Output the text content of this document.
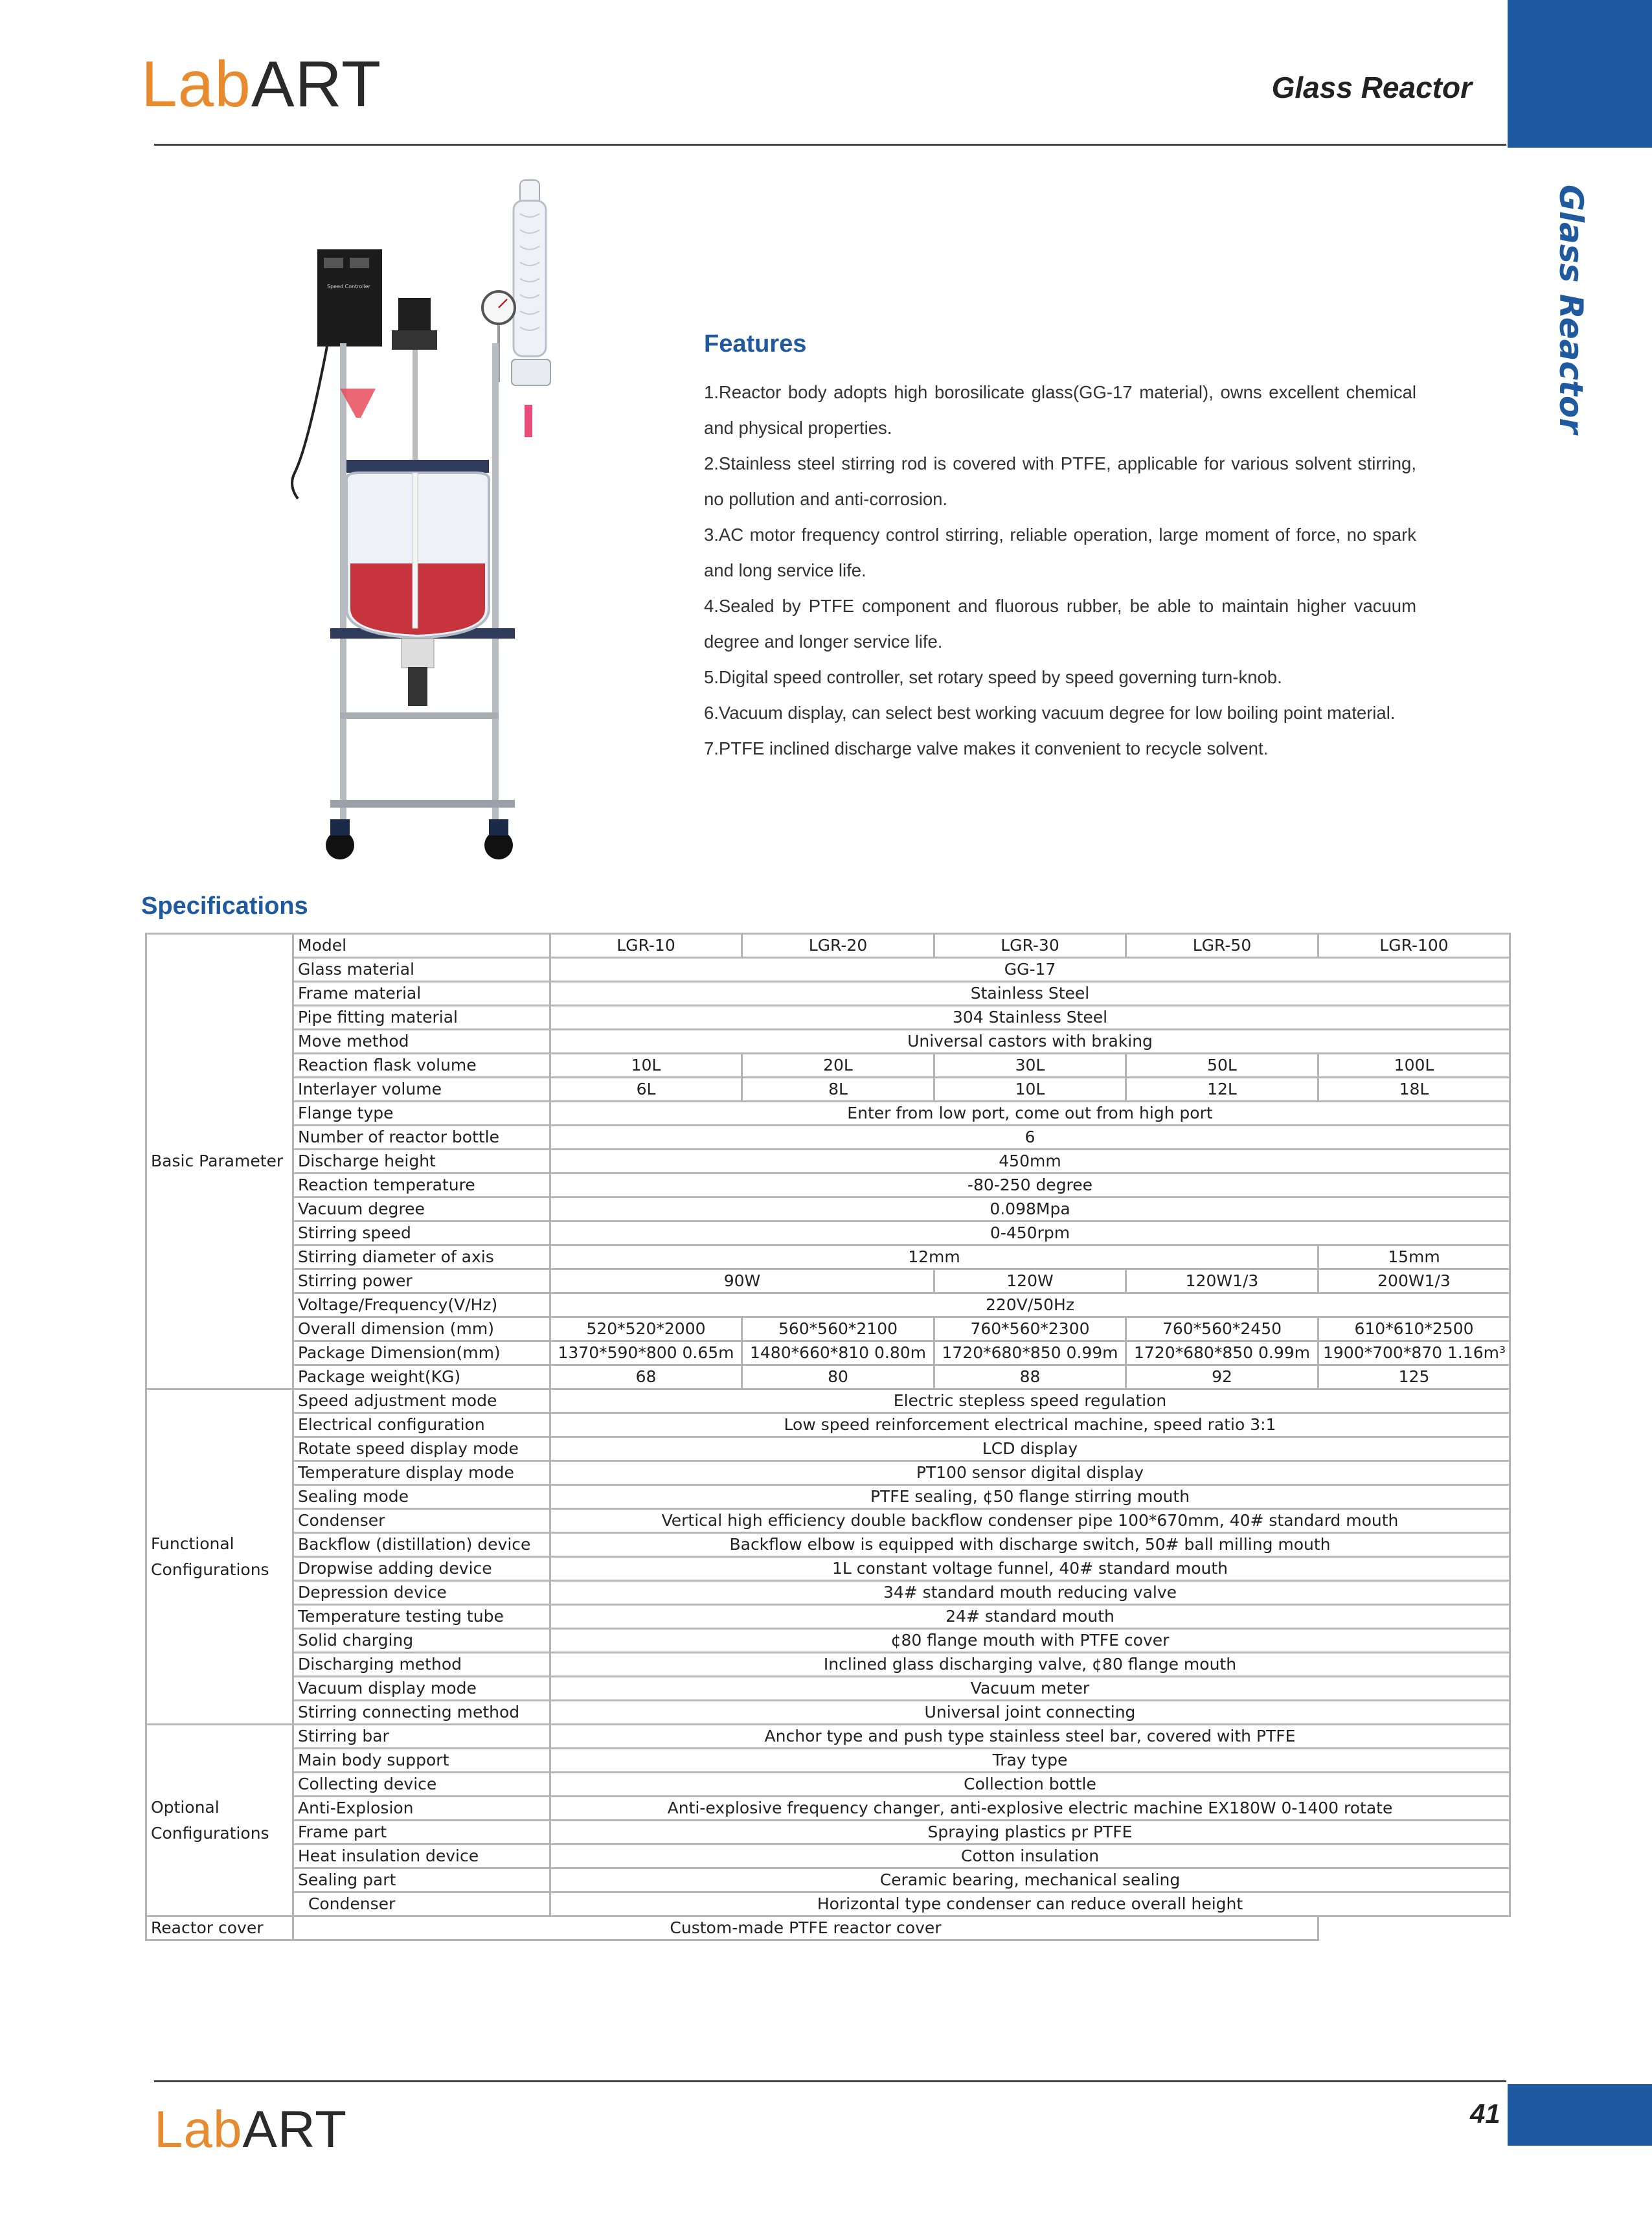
LabART	Glass Reactor
Glass Reactor
Speed Controller
Features
1.Reactor body adopts high borosilicate glass(GG-17 material), owns excellent chemical and physical properties.
2.Stainless steel stirring rod is covered with PTFE, applicable for various solvent stirring, no pollution and anti-corrosion.
3.AC motor frequency control stirring, reliable operation, large moment of force, no spark and long service life.
4.Sealed by PTFE component and fluorous rubber, be able to maintain higher vacuum degree and longer service life.
5.Digital speed controller, set rotary speed by speed governing turn-knob.
6.Vacuum display, can select best working vacuum degree for low boiling point material.
7.PTFE inclined discharge valve makes it convenient to recycle solvent.
Specifications
Basic Parameter	Model	LGR-10	LGR-20	LGR-30	LGR-50	LGR-100
	Glass material	GG-17				
	Frame material	Stainless Steel				
	Pipe fitting material	304 Stainless Steel				
	Move method	Universal castors with braking				
	Reaction flask volume	10L	20L	30L	50L	100L
	Interlayer volume	6L	8L	10L	12L	18L
	Flange type	Enter from low port, come out from high port				
	Number of reactor bottle	6				
	Discharge height	450mm				
	Reaction temperature	-80-250 degree				
	Vacuum degree	0.098Mpa				
	Stirring speed	0-450rpm				
	Stirring diameter of axis	12mm				15mm
	Stirring power	90W		120W	120W1/3	200W1/3
	Voltage/Frequency(V/Hz)	220V/50Hz				
	Overall dimension (mm)	520*520*2000	560*560*2100	760*560*2300	760*560*2450	610*610*2500
	Package Dimension(mm)	1370*590*800 0.65m	1480*660*810 0.80m	1720*680*850 0.99m	1720*680*850 0.99m	1900*700*870 1.16m³
	Package weight(KG)	68	80	88	92	125
Functional Configurations	Speed adjustment mode	Electric stepless speed regulation				
	Electrical configuration	Low speed reinforcement electrical machine, speed ratio 3:1				
	Rotate speed display mode	LCD display				
	Temperature display mode	PT100 sensor digital display				
	Sealing mode	PTFE sealing, ¢50 flange stirring mouth				
	Condenser	Vertical high efficiency double backflow condenser pipe 100*670mm, 40# standard mouth				
	Backflow (distillation) device	Backflow elbow is equipped with discharge switch, 50# ball milling mouth				
	Dropwise adding device	1L constant voltage funnel, 40# standard mouth				
	Depression device	34# standard mouth reducing valve				
	Temperature testing tube	24# standard mouth				
	Solid charging	¢80 flange mouth with PTFE cover				
	Discharging method	Inclined glass discharging valve, ¢80 flange mouth				
	Vacuum display mode	Vacuum meter				
	Stirring connecting method	Universal joint connecting				
Optional Configurations	Stirring bar	Anchor type and push type stainless steel bar, covered with PTFE				
	Main body support	Tray type				
	Collecting device	Collection bottle				
	Anti-Explosion	Anti-explosive frequency changer, anti-explosive electric machine EX180W 0-1400 rotate				
	Frame part	Spraying plastics pr PTFE				
	Heat insulation device	Cotton insulation				
	Sealing part	Ceramic bearing, mechanical sealing				
	Condenser	Horizontal type condenser can reduce overall height				
Reactor cover	Custom-made PTFE reactor cover					
LabART	41
